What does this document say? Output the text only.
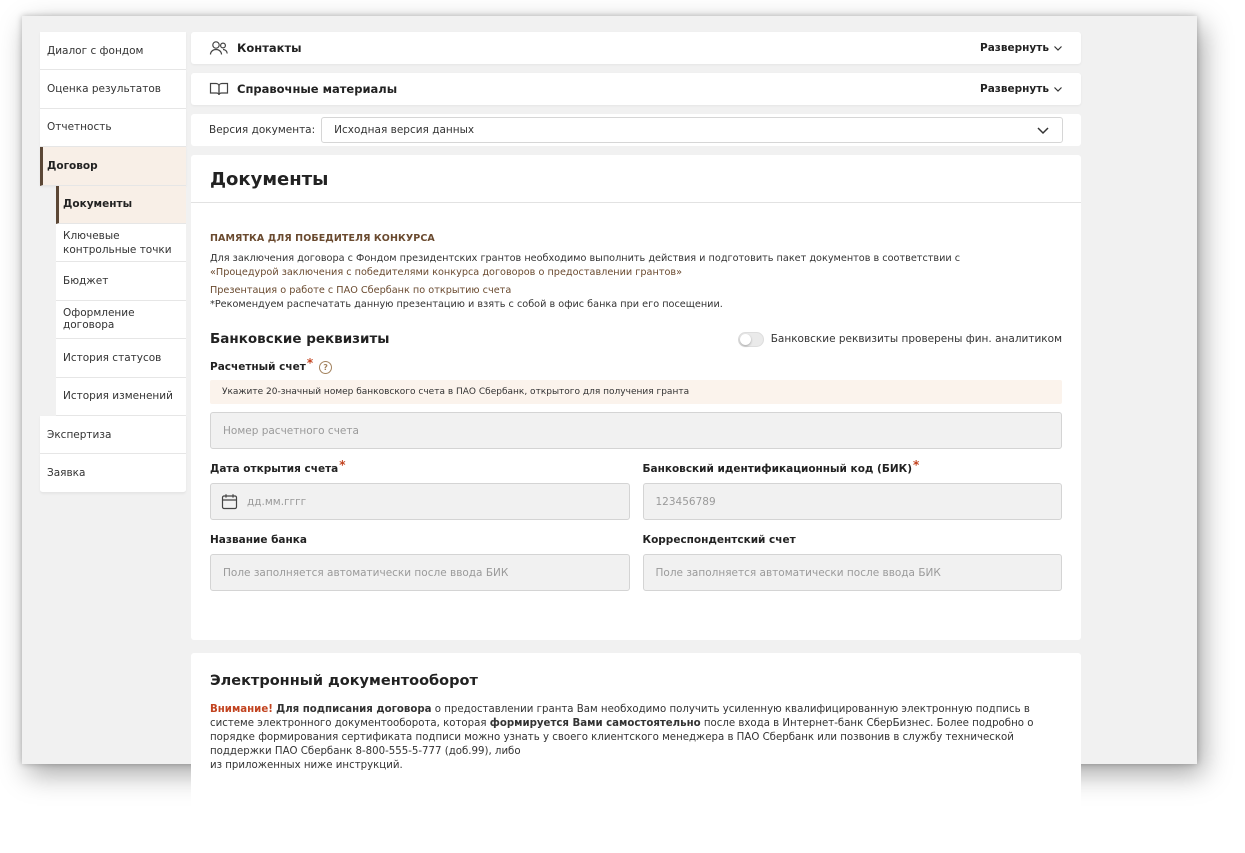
Диалог с фондом
Оценка результатов
Отчетность
Договор
Документы
Ключевые контрольные точки
Бюджет
Оформление договора
История статусов
История изменений
Экспертиза
Заявка
Контакты	Развернуть
Справочные материалы	Развернуть
Версия документа: Исходная версия данных
Документы
ПАМЯТКА ДЛЯ ПОБЕДИТЕЛЯ КОНКУРСА
Для заключения договора с Фондом президентских грантов необходимо выполнить действия и подготовить пакет документов в соответствии с
«Процедурой заключения с победителями конкурса договоров о предоставлении грантов»
Презентация о работе с ПАО Сбербанк по открытию счета
*Рекомендуем распечатать данную презентацию и взять с собой в офис банка при его посещении.
Банковские реквизиты	Банковские реквизиты проверены фин. аналитиком
Расчетный счет *	?
Укажите 20-значный номер банковского счета в ПАО Сбербанк, открытого для получения гранта
Номер расчетного счета
Дата открытия счета *
дд.мм.гггг
Банковский идентификационный код (БИК) *
123456789
Название банка
Поле заполняется автоматически после ввода БИК
Корреспондентский счет
Поле заполняется автоматически после ввода БИК
Электронный документооборот

Внимание! Для подписания договора о предоставлении гранта Вам необходимо получить усиленную квалифицированную электронную подпись в системе электронного документооборота, которая формируется Вами самостоятельно после входа в Интернет-банк СберБизнес. Более подробно о порядке формирования сертификата подписи можно узнать у своего клиентского менеджера в ПАО Сбербанк или позвонив в службу технической поддержки ПАО Сбербанк 8-800-555-5-777 (доб.99), либо
из приложенных ниже инструкций.
